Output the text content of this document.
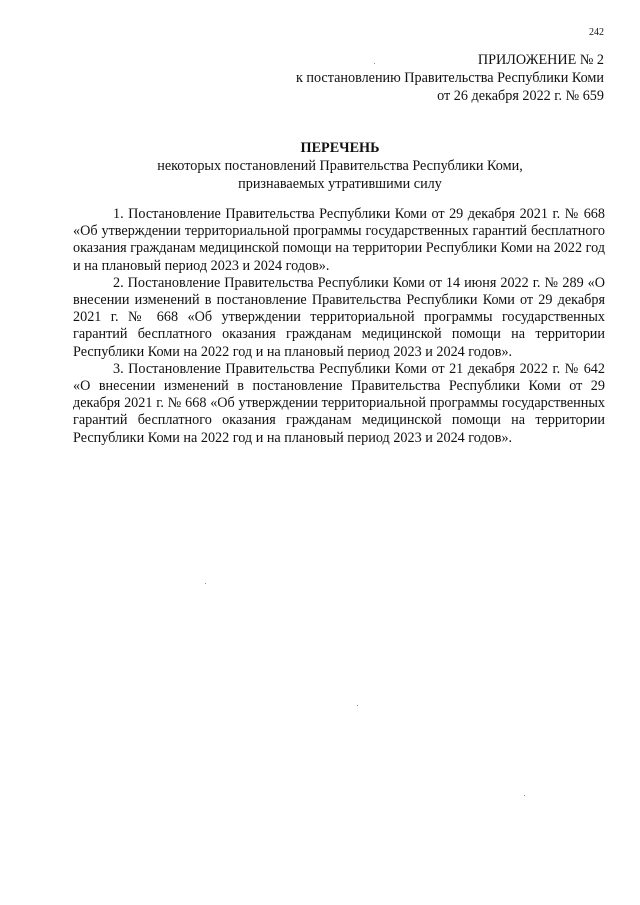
242
ПРИЛОЖЕНИЕ № 2
к постановлению Правительства Республики Коми
от 26 декабря 2022 г. № 659
ПЕРЕЧЕНЬ
некоторых постановлений Правительства Республики Коми, признаваемых утратившими силу

1. Постановление Правительства Республики Коми от 29 декабря 2021 г. № 668 «Об утверждении территориальной программы государственных гарантий бесплатного оказания гражданам медицинской помощи на территории Республики Коми на 2022 год и на плановый период 2023 и 2024 годов».

2. Постановление Правительства Республики Коми от 14 июня 2022 г. № 289 «О внесении изменений в постановление Правительства Республики Коми от 29 декабря 2021 г. № 668 «Об утверждении территориальной программы государственных гарантий бесплатного оказания гражданам медицинской помощи на территории Республики Коми на 2022 год и на плановый период 2023 и 2024 годов».

3. Постановление Правительства Республики Коми от 21 декабря 2022 г. № 642 «О внесении изменений в постановление Правительства Республики Коми от 29 декабря 2021 г. № 668 «Об утверждении территориальной программы государственных гарантий бесплатного оказания гражданам медицинской помощи на территории Республики Коми на 2022 год и на плановый период 2023 и 2024 годов».
